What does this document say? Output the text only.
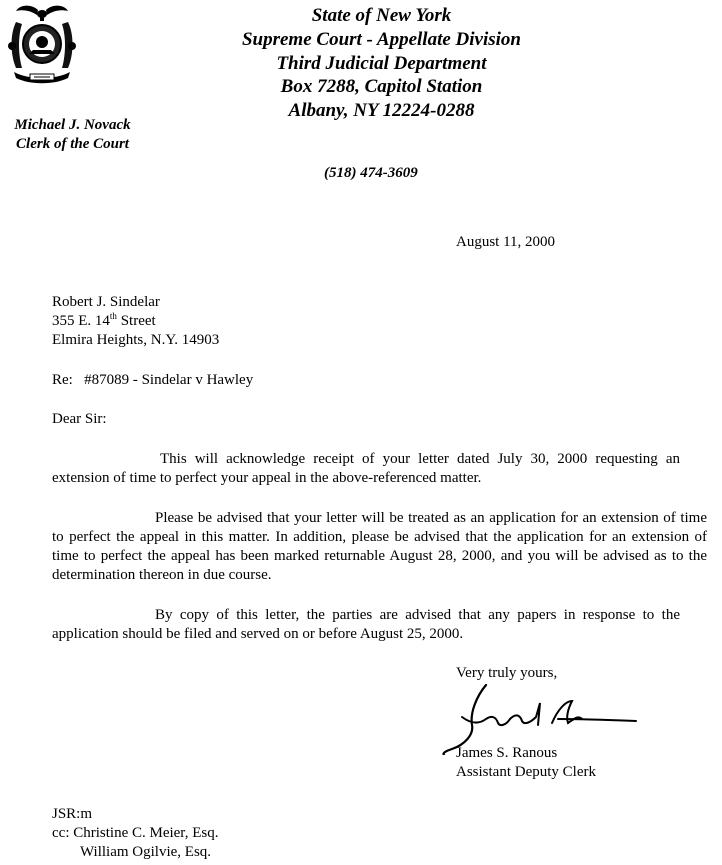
State of New York
Supreme Court - Appellate Division
Third Judicial Department
Box 7288, Capitol Station
Albany, NY 12224-0288
Michael J. Novack
Clerk of the Court
(518) 474-3609
August 11, 2000
Robert J. Sindelar
355 E. 14th Street
Elmira Heights, N.Y. 14903
Re:   #87089 - Sindelar v Hawley
Dear Sir:
This will acknowledge receipt of your letter dated July 30, 2000 requesting an extension of time to perfect your appeal in the above-referenced matter.
Please be advised that your letter will be treated as an application for an extension of time to perfect the appeal in this matter. In addition, please be advised that the application for an extension of time to perfect the appeal has been marked returnable August 28, 2000, and you will be advised as to the determination thereon in due course.
By copy of this letter, the parties are advised that any papers in response to the application should be filed and served on or before August 25, 2000.
Very truly yours,
James S. Ranous
Assistant Deputy Clerk
JSR:m
cc: Christine C. Meier, Esq.
William Ogilvie, Esq.
